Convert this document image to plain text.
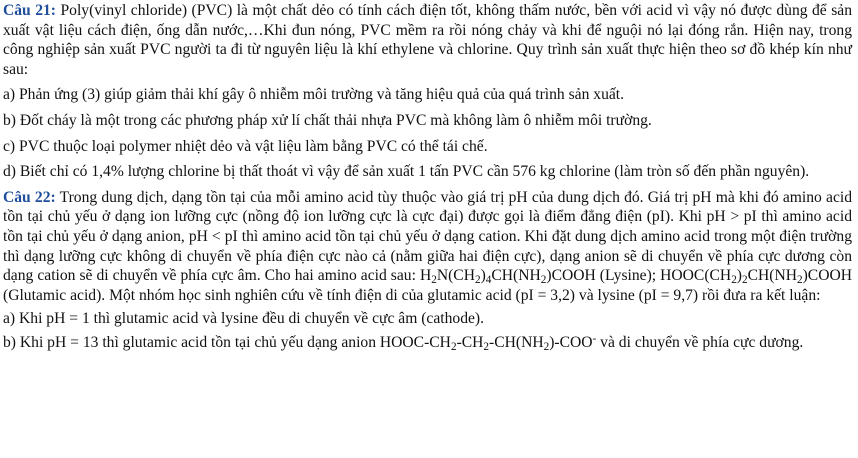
Câu 21: Poly(vinyl chloride) (PVC) là một chất dẻo có tính cách điện tốt, không thấm nước, bền với acid vì vậy nó được dùng để sản xuất vật liệu cách điện, ống dẫn nước,…Khi đun nóng, PVC mềm ra rồi nóng chảy và khi để nguội nó lại đóng rắn. Hiện nay, trong công nghiệp sản xuất PVC người ta đi từ nguyên liệu là khí ethylene và chlorine. Quy trình sản xuất thực hiện theo sơ đồ khép kín như sau:

a) Phản ứng (3) giúp giảm thải khí gây ô nhiễm môi trường và tăng hiệu quả của quá trình sản xuất.

b) Đốt cháy là một trong các phương pháp xử lí chất thải nhựa PVC mà không làm ô nhiễm môi trường.

c) PVC thuộc loại polymer nhiệt dẻo và vật liệu làm bằng PVC có thể tái chế.

d) Biết chỉ có 1,4% lượng chlorine bị thất thoát vì vậy để sản xuất 1 tấn PVC cần 576 kg chlorine (làm tròn số đến phần nguyên).

Câu 22: Trong dung dịch, dạng tồn tại của mỗi amino acid tùy thuộc vào giá trị pH của dung dịch đó. Giá trị pH mà khi đó amino acid tồn tại chủ yếu ở dạng ion lưỡng cực (nồng độ ion lưỡng cực là cực đại) được gọi là điểm đẳng điện (pI). Khi pH > pI thì amino acid tồn tại chủ yếu ở dạng anion, pH < pI thì amino acid tồn tại chủ yếu ở dạng cation. Khi đặt dung dịch amino acid trong một điện trường thì dạng lưỡng cực không di chuyển về phía điện cực nào cả (nằm giữa hai điện cực), dạng anion sẽ di chuyển về phía cực dương còn dạng cation sẽ di chuyển về phía cực âm. Cho hai amino acid sau: $H_2N(CH_2)_4CH(NH_2)COOH$ (Lysine); $HOOC(CH_2)_2CH(NH_2)COOH$ (Glutamic acid). Một nhóm học sinh nghiên cứu về tính điện di của glutamic acid (pI = 3,2) và lysine (pI = 9,7) rồi đưa ra kết luận:

a) Khi pH = 1 thì glutamic acid và lysine đều di chuyển về cực âm (cathode).

b) Khi pH = 13 thì glutamic acid tồn tại chủ yếu dạng anion HOOC-$CH_2-CH_2-CH(NH_2)-COO^-$ và di chuyển về phía cực dương.
